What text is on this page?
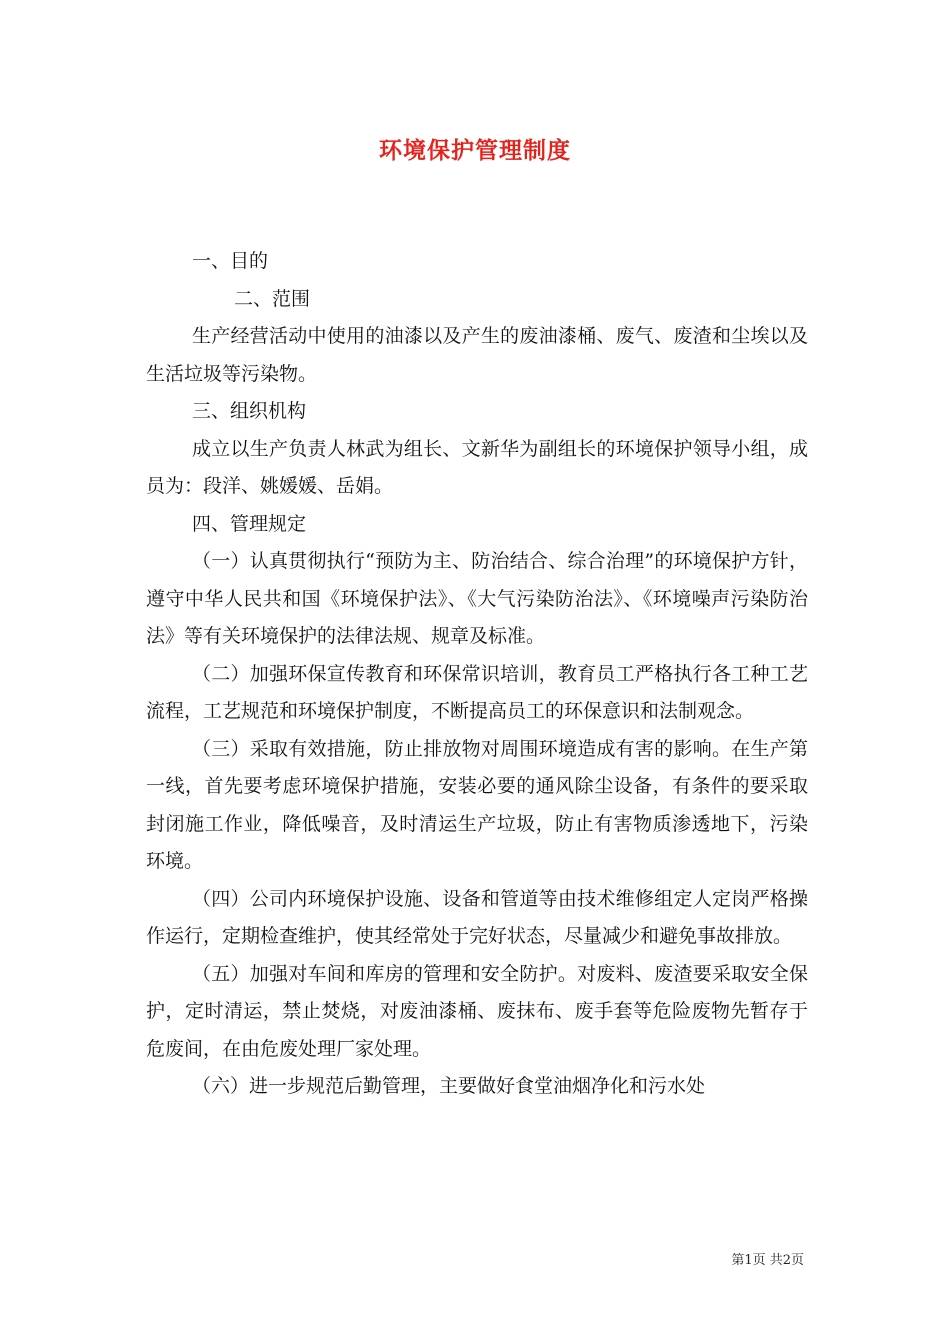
环境保护管理制度

一、目的

二、范围

生产经营活动中使用的油漆以及产生的废油漆桶、废气、废渣和尘埃以及生活垃圾等污染物。

三、组织机构

成立以生产负责人林武为组长、文新华为副组长的环境保护领导小组，成员为：段洋、姚媛媛、岳娟。

四、管理规定

（一）认真贯彻执行“预防为主、防治结合、综合治理”的环境保护方针，遵守中华人民共和国《环境保护法》、《大气污染防治法》、《环境噪声污染防治法》等有关环境保护的法律法规、规章及标准。

（二）加强环保宣传教育和环保常识培训，教育员工严格执行各工种工艺流程，工艺规范和环境保护制度，不断提高员工的环保意识和法制观念。

（三）采取有效措施，防止排放物对周围环境造成有害的影响。在生产第一线，首先要考虑环境保护措施，安装必要的通风除尘设备，有条件的要采取封闭施工作业，降低噪音，及时清运生产垃圾，防止有害物质渗透地下，污染环境。

（四）公司内环境保护设施、设备和管道等由技术维修组定人定岗严格操作运行，定期检查维护，使其经常处于完好状态，尽量减少和避免事故排放。

（五）加强对车间和库房的管理和安全防护。对废料、废渣要采取安全保护，定时清运，禁止焚烧，对废油漆桶、废抹布、废手套等危险废物先暂存于危废间，在由危废处理厂家处理。

（六）进一步规范后勤管理，主要做好食堂油烟净化和污水处

第1页 共2页
